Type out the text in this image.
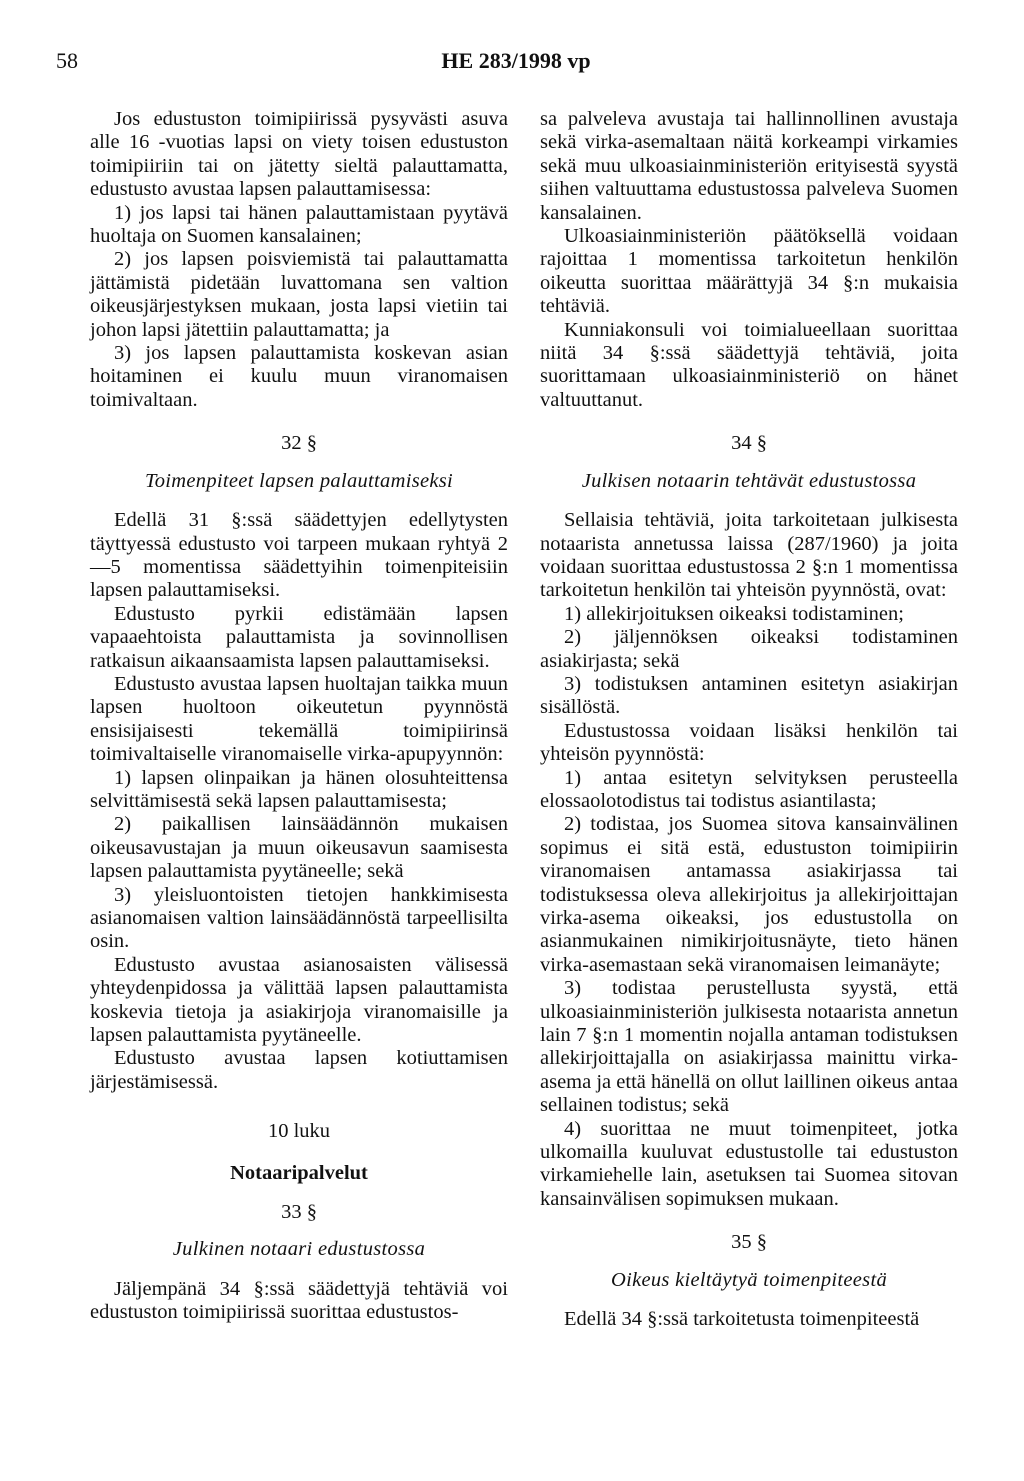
58	HE 283/1998 vp

Jos edustuston toimipiirissä pysyvästi asuva alle 16 -vuotias lapsi on viety toisen edustuston toimipiiriin tai on jätetty sieltä palauttamatta, edustusto avustaa lapsen palauttamisessa:

1) jos lapsi tai hänen palauttamistaan pyytävä huoltaja on Suomen kansalainen;

2) jos lapsen poisviemistä tai palauttamatta jättämistä pidetään luvattomana sen valtion oikeusjärjestyksen mukaan, josta lapsi vietiin tai johon lapsi jätettiin palauttamatta; ja

3) jos lapsen palauttamista koskevan asian hoitaminen ei kuulu muun viranomaisen toimivaltaan.

32 §
Toimenpiteet lapsen palauttamiseksi

Edellä 31 §:ssä säädettyjen edellytysten täyttyessä edustusto voi tarpeen mukaan ryhtyä 2—5 momentissa säädettyihin toimenpiteisiin lapsen palauttamiseksi.

Edustusto pyrkii edistämään lapsen vapaaehtoista palauttamista ja sovinnollisen ratkaisun aikaansaamista lapsen palauttamiseksi.

Edustusto avustaa lapsen huoltajan taikka muun lapsen huoltoon oikeutetun pyynnöstä ensisijaisesti tekemällä toimipiirinsä toimivaltaiselle viranomaiselle virka-apupyynnön:

1) lapsen olinpaikan ja hänen olosuhteittensa selvittämisestä sekä lapsen palauttamisesta;

2) paikallisen lainsäädännön mukaisen oikeusavustajan ja muun oikeusavun saamisesta lapsen palauttamista pyytäneelle; sekä

3) yleisluontoisten tietojen hankkimisesta asianomaisen valtion lainsäädännöstä tarpeellisilta osin.

Edustusto avustaa asianosaisten välisessä yhteydenpidossa ja välittää lapsen palauttamista koskevia tietoja ja asiakirjoja viranomaisille ja lapsen palauttamista pyytäneelle.

Edustusto avustaa lapsen kotiuttamisen järjestämisessä.

10 luku
Notaaripalvelut
33 §
Julkinen notaari edustustossa

Jäljempänä 34 §:ssä säädettyjä tehtäviä voi edustuston toimipiirissä suorittaa edustustos-

sa palveleva avustaja tai hallinnollinen avustaja sekä virka-asemaltaan näitä korkeampi virkamies sekä muu ulkoasiainministeriön erityisestä syystä siihen valtuuttama edustustossa palveleva Suomen kansalainen.

Ulkoasiainministeriön päätöksellä voidaan rajoittaa 1 momentissa tarkoitetun henkilön oikeutta suorittaa määrättyjä 34 §:n mukaisia tehtäviä.

Kunniakonsuli voi toimialueellaan suorittaa niitä 34 §:ssä säädettyjä tehtäviä, joita suorittamaan ulkoasiainministeriö on hänet valtuuttanut.

34 §
Julkisen notaarin tehtävät edustustossa

Sellaisia tehtäviä, joita tarkoitetaan julkisesta notaarista annetussa laissa (287/1960) ja joita voidaan suorittaa edustustossa 2 §:n 1 momentissa tarkoitetun henkilön tai yhteisön pyynnöstä, ovat:

1) allekirjoituksen oikeaksi todistaminen;

2) jäljennöksen oikeaksi todistaminen asiakirjasta; sekä

3) todistuksen antaminen esitetyn asiakirjan sisällöstä.

Edustustossa voidaan lisäksi henkilön tai yhteisön pyynnöstä:

1) antaa esitetyn selvityksen perusteella elossaolotodistus tai todistus asiantilasta;

2) todistaa, jos Suomea sitova kansainvälinen sopimus ei sitä estä, edustuston toimipiirin viranomaisen antamassa asiakirjassa tai todistuksessa oleva allekirjoitus ja allekirjoittajan virka-asema oikeaksi, jos edustustolla on asianmukainen nimikirjoitusnäyte, tieto hänen virka-asemastaan sekä viranomaisen leimanäyte;

3) todistaa perustellusta syystä, että ulkoasiainministeriön julkisesta notaarista annetun lain 7 §:n 1 momentin nojalla antaman todistuksen allekirjoittajalla on asiakirjassa mainittu virka-asema ja että hänellä on ollut laillinen oikeus antaa sellainen todistus; sekä

4) suorittaa ne muut toimenpiteet, jotka ulkomailla kuuluvat edustustolle tai edustuston virkamiehelle lain, asetuksen tai Suomea sitovan kansainvälisen sopimuksen mukaan.

35 §
Oikeus kieltäytyä toimenpiteestä

Edellä 34 §:ssä tarkoitetusta toimenpiteestä
